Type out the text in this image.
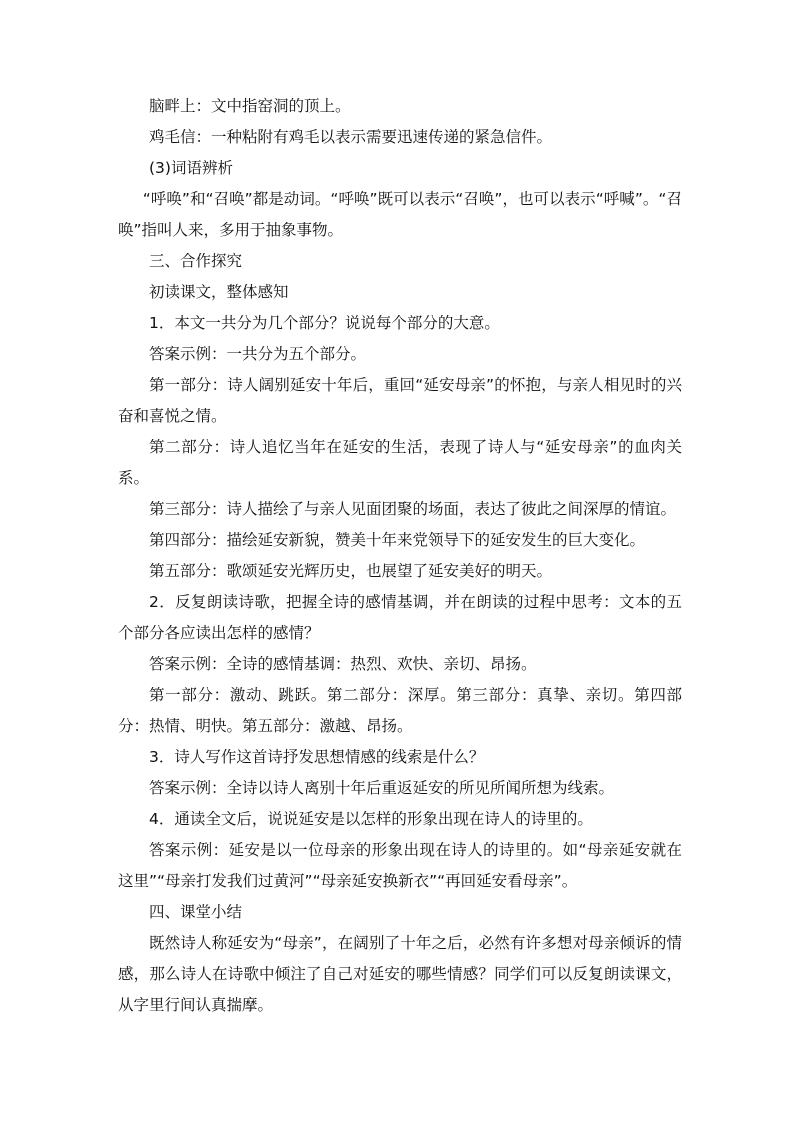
脑畔上：文中指窑洞的顶上。

鸡毛信：一种粘附有鸡毛以表示需要迅速传递的紧急信件。

(3)词语辨析

“呼唤”和“召唤”都是动词。“呼唤”既可以表示“召唤”，也可以表示“呼喊”。“召唤”指叫人来，多用于抽象事物。

三、合作探究

初读课文，整体感知

1．本文一共分为几个部分？说说每个部分的大意。

答案示例：一共分为五个部分。

第一部分：诗人阔别延安十年后，重回“延安母亲”的怀抱，与亲人相见时的兴奋和喜悦之情。

第二部分：诗人追忆当年在延安的生活，表现了诗人与“延安母亲”的血肉关系。

第三部分：诗人描绘了与亲人见面团聚的场面，表达了彼此之间深厚的情谊。

第四部分：描绘延安新貌，赞美十年来党领导下的延安发生的巨大变化。

第五部分：歌颂延安光辉历史，也展望了延安美好的明天。

2．反复朗读诗歌，把握全诗的感情基调，并在朗读的过程中思考：文本的五个部分各应读出怎样的感情？

答案示例：全诗的感情基调：热烈、欢快、亲切、昂扬。

第一部分：激动、跳跃。第二部分：深厚。第三部分：真挚、亲切。第四部分：热情、明快。第五部分：激越、昂扬。

3．诗人写作这首诗抒发思想情感的线索是什么？

答案示例：全诗以诗人离别十年后重返延安的所见所闻所想为线索。

4．通读全文后，说说延安是以怎样的形象出现在诗人的诗里的。

答案示例：延安是以一位母亲的形象出现在诗人的诗里的。如“母亲延安就在这里”“母亲打发我们过黄河”“母亲延安换新衣”“再回延安看母亲”。

四、课堂小结

既然诗人称延安为“母亲”，在阔别了十年之后，必然有许多想对母亲倾诉的情感，那么诗人在诗歌中倾注了自己对延安的哪些情感？同学们可以反复朗读课文，从字里行间认真揣摩。
